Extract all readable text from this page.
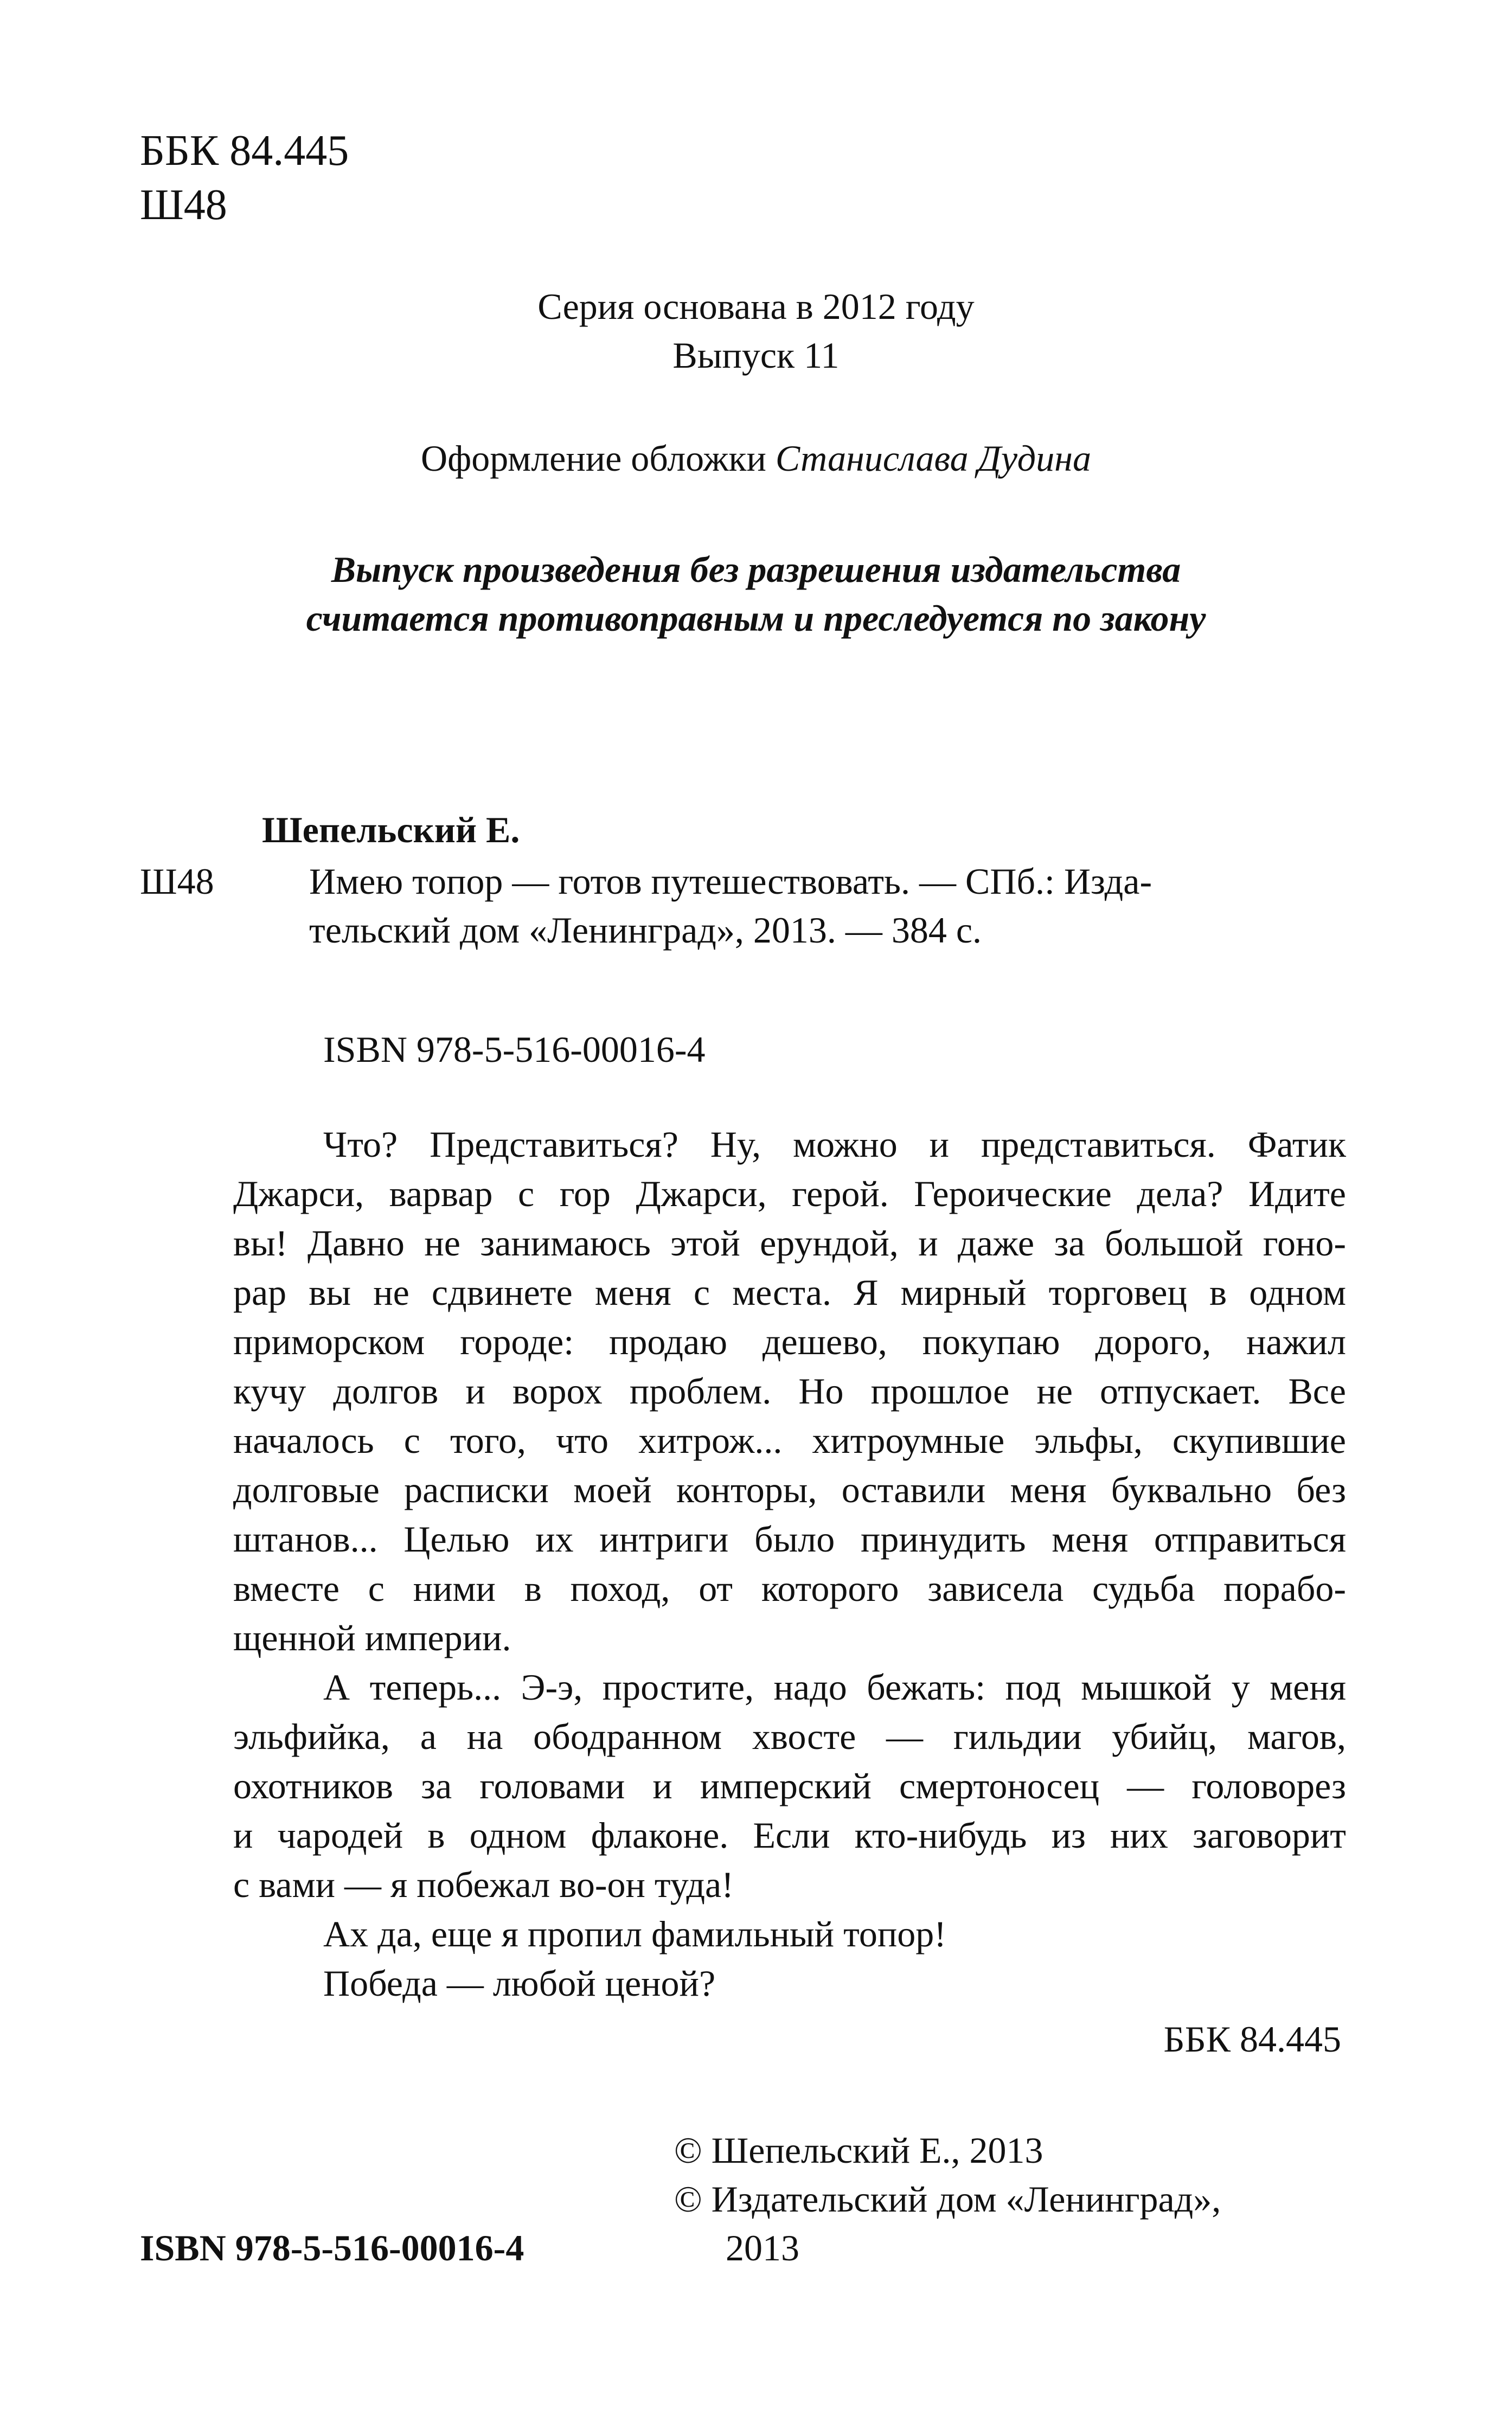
ББК 84.445
Ш48
Серия основана в 2012 году
Выпуск 11
Оформление обложки Станислава Дудина
Выпуск произведения без разрешения издательства
считается противоправным и преследуется по закону
Шепельский Е.
Ш48	Имею топор — готов путешествовать. — СПб.: Изда-
тельский дом «Ленинград», 2013. — 384 с.
ISBN 978-5-516-00016-4
Что? Представиться? Ну, можно и представиться. Фатик
Джарси, варвар с гор Джарси, герой. Героические дела? Идите
вы! Давно не занимаюсь этой ерундой, и даже за большой гоно-
рар вы не сдвинете меня с места. Я мирный торговец в одном
приморском городе: продаю дешево, покупаю дорого, нажил
кучу долгов и ворох проблем. Но прошлое не отпускает. Все
началось с того, что хитрож... хитроумные эльфы, скупившие
долговые расписки моей конторы, оставили меня буквально без
штанов... Целью их интриги было принудить меня отправиться
вместе с ними в поход, от которого зависела судьба порабо-
щенной империи.
А теперь... Э-э, простите, надо бежать: под мышкой у меня
эльфийка, а на ободранном хвосте — гильдии убийц, магов,
охотников за головами и имперский смертоносец — головорез
и чародей в одном флаконе. Если кто-нибудь из них заговорит
с вами — я побежал во-он туда!
Ах да, еще я пропил фамильный топор!
Победа — любой ценой?
ББК 84.445
© Шепельский Е., 2013
© Издательский дом «Ленинград»,
2013
ISBN 978-5-516-00016-4
